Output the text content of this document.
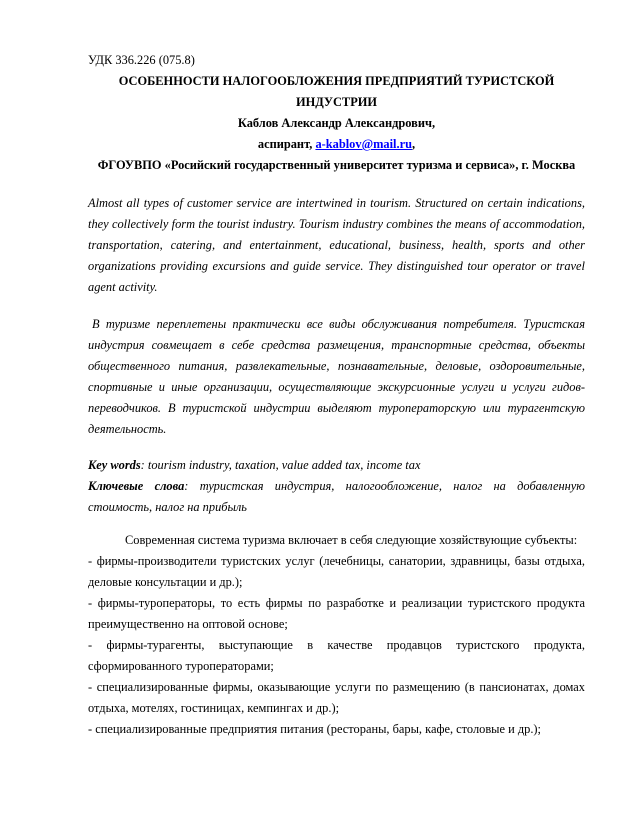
УДК 336.226 (075.8)
ОСОБЕННОСТИ НАЛОГООБЛОЖЕНИЯ ПРЕДПРИЯТИЙ ТУРИСТСКОЙ
ИНДУСТРИИ
Каблов Александр Александрович,
аспирант, a-kablov@mail.ru,
ФГОУВПО «Росийский государственный университет туризма и сервиса», г. Москва

Almost all types of customer service are intertwined in tourism. Structured on certain indications, they collectively form the tourist industry. Tourism industry combines the means of accommodation, transportation, catering, and entertainment, educational, business, health, sports and other organizations providing excursions and guide service. They distinguished tour operator or travel agent activity.

В туризме переплетены практически все виды обслуживания потребителя. Туристская индустрия совмещает в себе средства размещения, транспортные средства, объекты общественного питания, развлекательные, познавательные, деловые, оздоровительные, спортивные и иные организации, осуществляющие экскурсионные услуги и услуги гидов-переводчиков. В туристской индустрии выделяют туроператорскую или турагентскую деятельность.

Key words: tourism industry, taxation, value added tax, income tax

Ключевые слова: туристская индустрия, налогообложение, налог на добавленную стоимость, налог на прибыль

Современная система туризма включает в себя следующие хозяйствующие субъекты:

- фирмы-производители туристских услуг (лечебницы, санатории, здравницы, базы отдыха, деловые консультации и др.);

- фирмы-туроператоры, то есть фирмы по разработке и реализации туристского продукта преимущественно на оптовой основе;

- фирмы-турагенты, выступающие в качестве продавцов туристского продукта, сформированного туроператорами;

- специализированные фирмы, оказывающие услуги по размещению (в пансионатах, домах отдыха, мотелях, гостиницах, кемпингах и др.);

- специализированные предприятия питания (рестораны, бары, кафе, столовые и др.);
